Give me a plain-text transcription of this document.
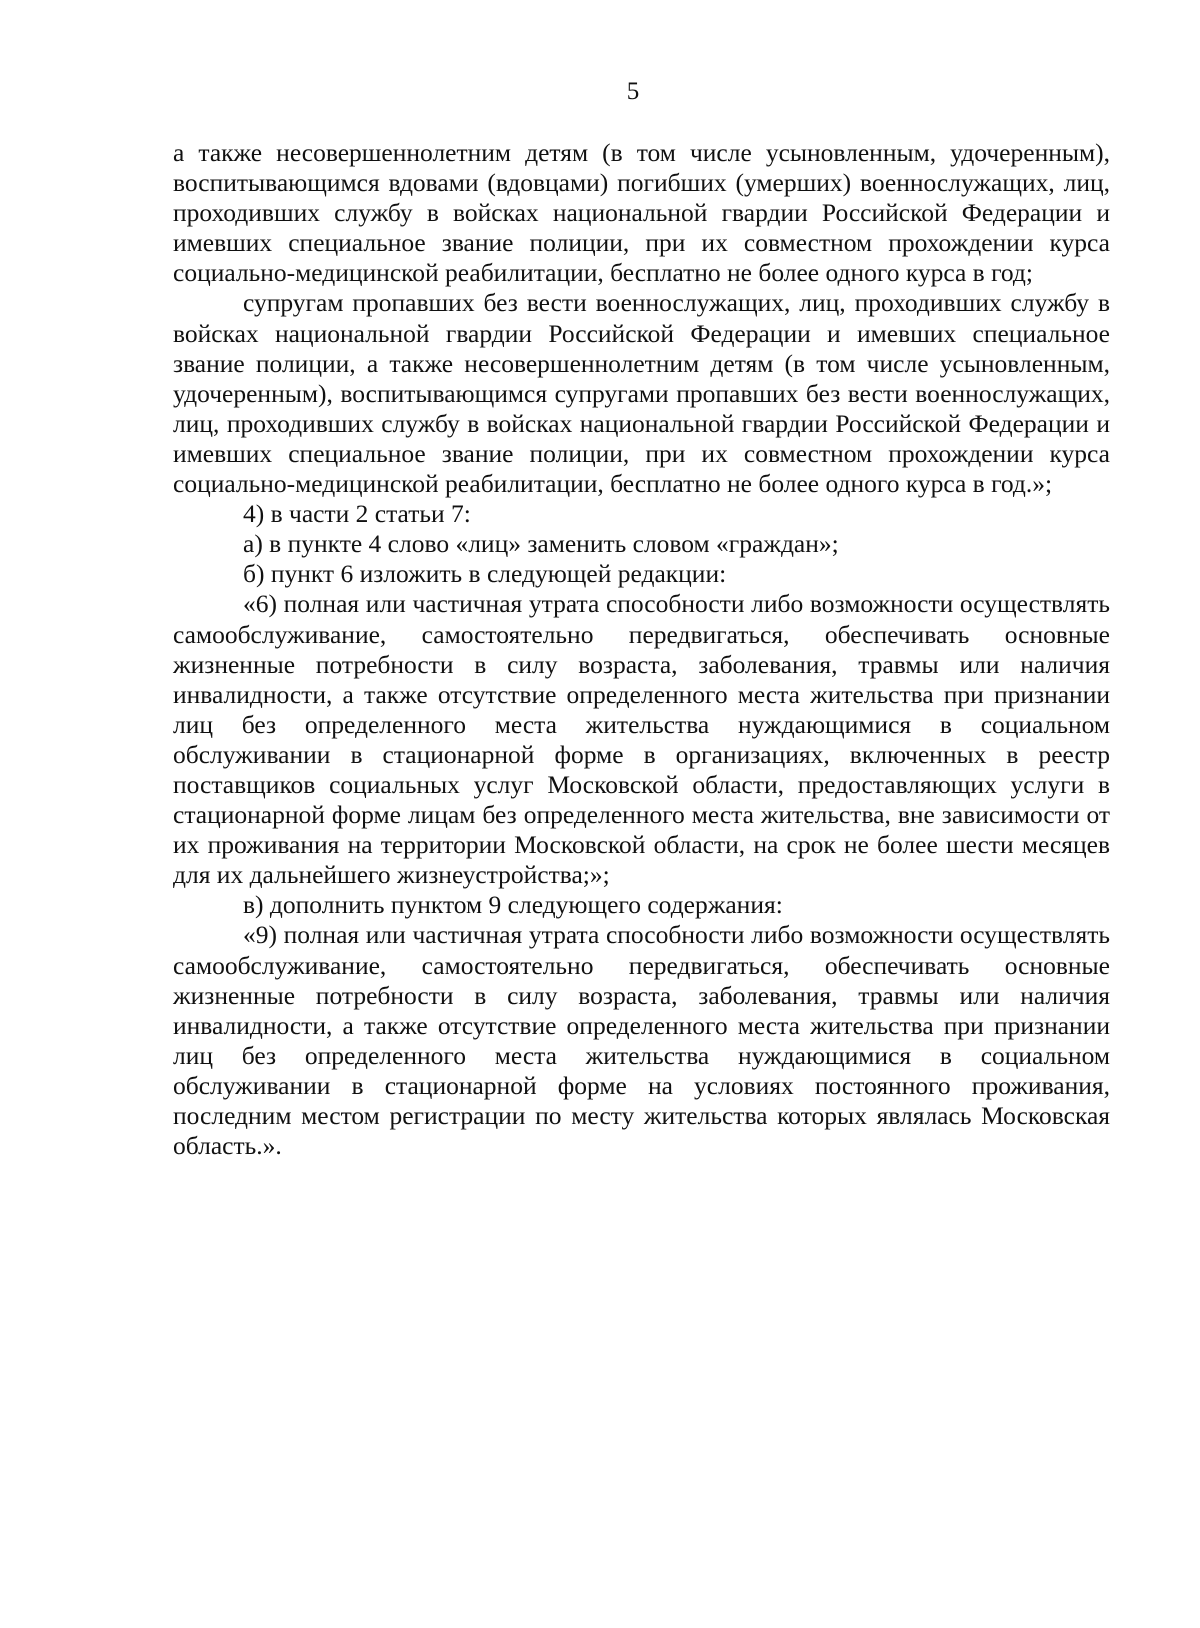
5

а также несовершеннолетним детям (в том числе усыновленным, удочеренным), воспитывающимся вдовами (вдовцами) погибших (умерших) военнослужащих, лиц, проходивших службу в войсках национальной гвардии Российской Федерации и имевших специальное звание полиции, при их совместном прохождении курса социально-медицинской реабилитации, бесплатно не более одного курса в год;

супругам пропавших без вести военнослужащих, лиц, проходивших службу в войсках национальной гвардии Российской Федерации и имевших специальное звание полиции, а также несовершеннолетним детям (в том числе усыновленным, удочеренным), воспитывающимся супругами пропавших без вести военнослужащих, лиц, проходивших службу в войсках национальной гвардии Российской Федерации и имевших специальное звание полиции, при их совместном прохождении курса социально-медицинской реабилитации, бесплатно не более одного курса в год.»;

4) в части 2 статьи 7:

а) в пункте 4 слово «лиц» заменить словом «граждан»;

б) пункт 6 изложить в следующей редакции:

«6) полная или частичная утрата способности либо возможности осуществлять самообслуживание, самостоятельно передвигаться, обеспечивать основные жизненные потребности в силу возраста, заболевания, травмы или наличия инвалидности, а также отсутствие определенного места жительства при признании лиц без определенного места жительства нуждающимися в социальном обслуживании в стационарной форме в организациях, включенных в реестр поставщиков социальных услуг Московской области, предоставляющих услуги в стационарной форме лицам без определенного места жительства, вне зависимости от их проживания на территории Московской области, на срок не более шести месяцев для их дальнейшего жизнеустройства;»;

в) дополнить пунктом 9 следующего содержания:

«9) полная или частичная утрата способности либо возможности осуществлять самообслуживание, самостоятельно передвигаться, обеспечивать основные жизненные потребности в силу возраста, заболевания, травмы или наличия инвалидности, а также отсутствие определенного места жительства при признании лиц без определенного места жительства нуждающимися в социальном обслуживании в стационарной форме на условиях постоянного проживания, последним местом регистрации по месту жительства которых являлась Московская область.».
